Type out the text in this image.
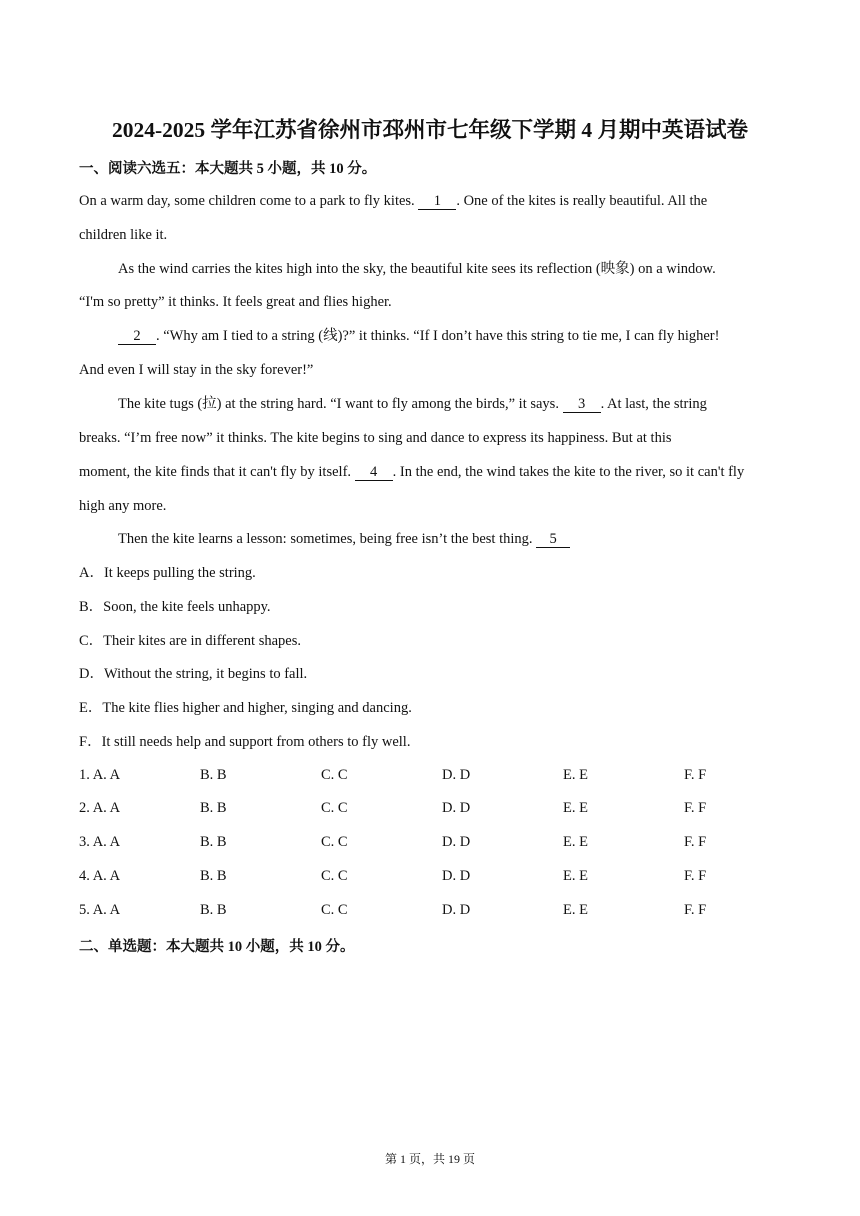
2024-2025 学年江苏省徐州市邳州市七年级下学期 4 月期中英语试卷
一、阅读六选五：本大题共 5 小题，共 10 分。
On a warm day, some children come to a park to fly kites. 1 . One of the kites is really beautiful. All the
children like it.
As the wind carries the kites high into the sky, the beautiful kite sees its reflection (映象) on a window.
“I'm so pretty” it thinks. It feels great and flies higher.
2 . “Why am I tied to a string (线)?” it thinks. “If I don’t have this string to tie me, I can fly higher!
And even I will stay in the sky forever!”
The kite tugs (拉) at the string hard. “I want to fly among the birds,” it says. 3 . At last, the string
breaks. “I’m free now” it thinks. The kite begins to sing and dance to express its happiness. But at this
moment, the kite finds that it can't fly by itself. 4 . In the end, the wind takes the kite to the river, so it can't fly
high any more.
Then the kite learns a lesson: sometimes, being free isn’t the best thing. 5
A．It keeps pulling the string.
B．Soon, the kite feels unhappy.
C．Their kites are in different shapes.
D．Without the string, it begins to fall.
E．The kite flies higher and higher, singing and dancing.
F．It still needs help and support from others to fly well.
1. A. A	B. B	C. C	D. D	E. E	F. F
2. A. A	B. B	C. C	D. D	E. E	F. F
3. A. A	B. B	C. C	D. D	E. E	F. F
4. A. A	B. B	C. C	D. D	E. E	F. F
5. A. A	B. B	C. C	D. D	E. E	F. F
二、单选题：本大题共 10 小题，共 10 分。
第 1 页，共 19 页
